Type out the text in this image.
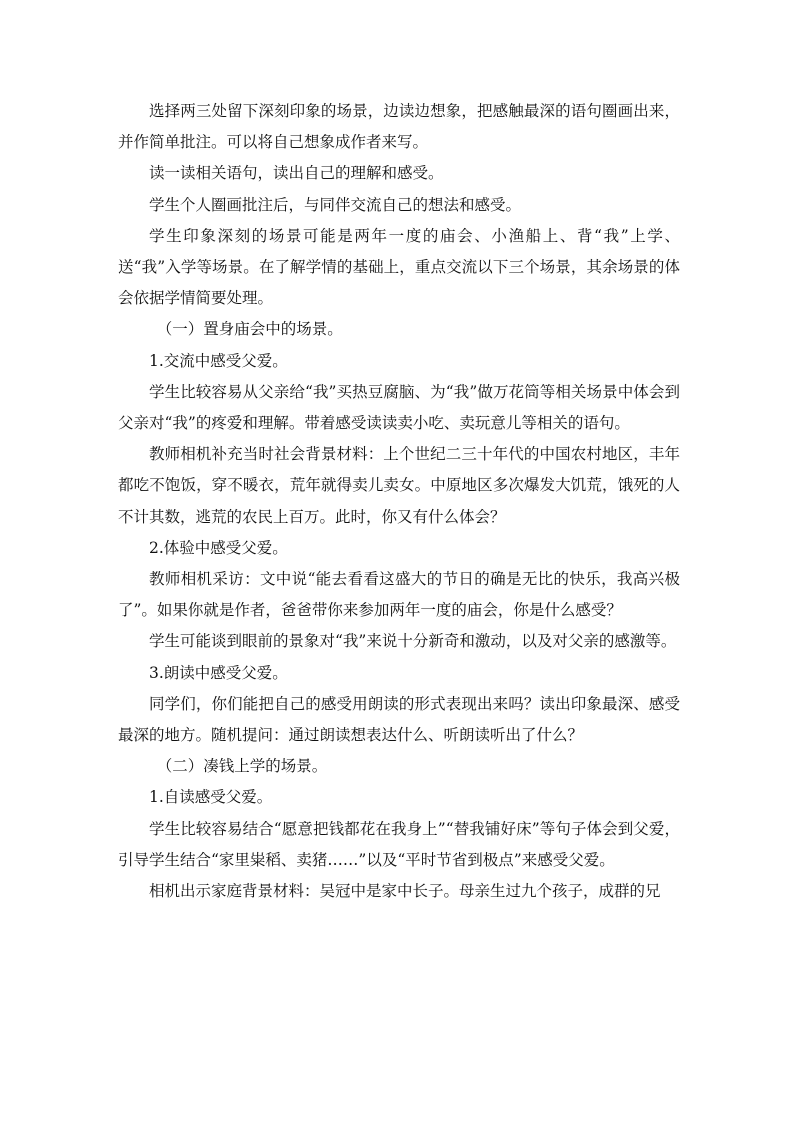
选择两三处留下深刻印象的场景，边读边想象，把感触最深的语句圈画出来，并作简单批注。可以将自己想象成作者来写。

读一读相关语句，读出自己的理解和感受。

学生个人圈画批注后，与同伴交流自己的想法和感受。

学生印象深刻的场景可能是两年一度的庙会、小渔船上、背“我”上学、送“我”入学等场景。在了解学情的基础上，重点交流以下三个场景，其余场景的体会依据学情简要处理。

（一）置身庙会中的场景。

1.交流中感受父爱。

学生比较容易从父亲给“我”买热豆腐脑、为“我”做万花筒等相关场景中体会到父亲对“我”的疼爱和理解。带着感受读读卖小吃、卖玩意儿等相关的语句。

教师相机补充当时社会背景材料：上个世纪二三十年代的中国农村地区，丰年都吃不饱饭，穿不暖衣，荒年就得卖儿卖女。中原地区多次爆发大饥荒，饿死的人不计其数，逃荒的农民上百万。此时，你又有什么体会？

2.体验中感受父爱。

教师相机采访：文中说“能去看看这盛大的节日的确是无比的快乐，我高兴极了”。如果你就是作者，爸爸带你来参加两年一度的庙会，你是什么感受？

学生可能谈到眼前的景象对“我”来说十分新奇和激动，以及对父亲的感激等。

3.朗读中感受父爱。

同学们，你们能把自己的感受用朗读的形式表现出来吗？读出印象最深、感受最深的地方。随机提问：通过朗读想表达什么、听朗读听出了什么？

（二）凑钱上学的场景。

1.自读感受父爱。

学生比较容易结合“愿意把钱都花在我身上”“替我铺好床”等句子体会到父爱，引导学生结合“家里粜稻、卖猪……”以及“平时节省到极点”来感受父爱。

相机出示家庭背景材料：吴冠中是家中长子。母亲生过九个孩子，成群的兄
